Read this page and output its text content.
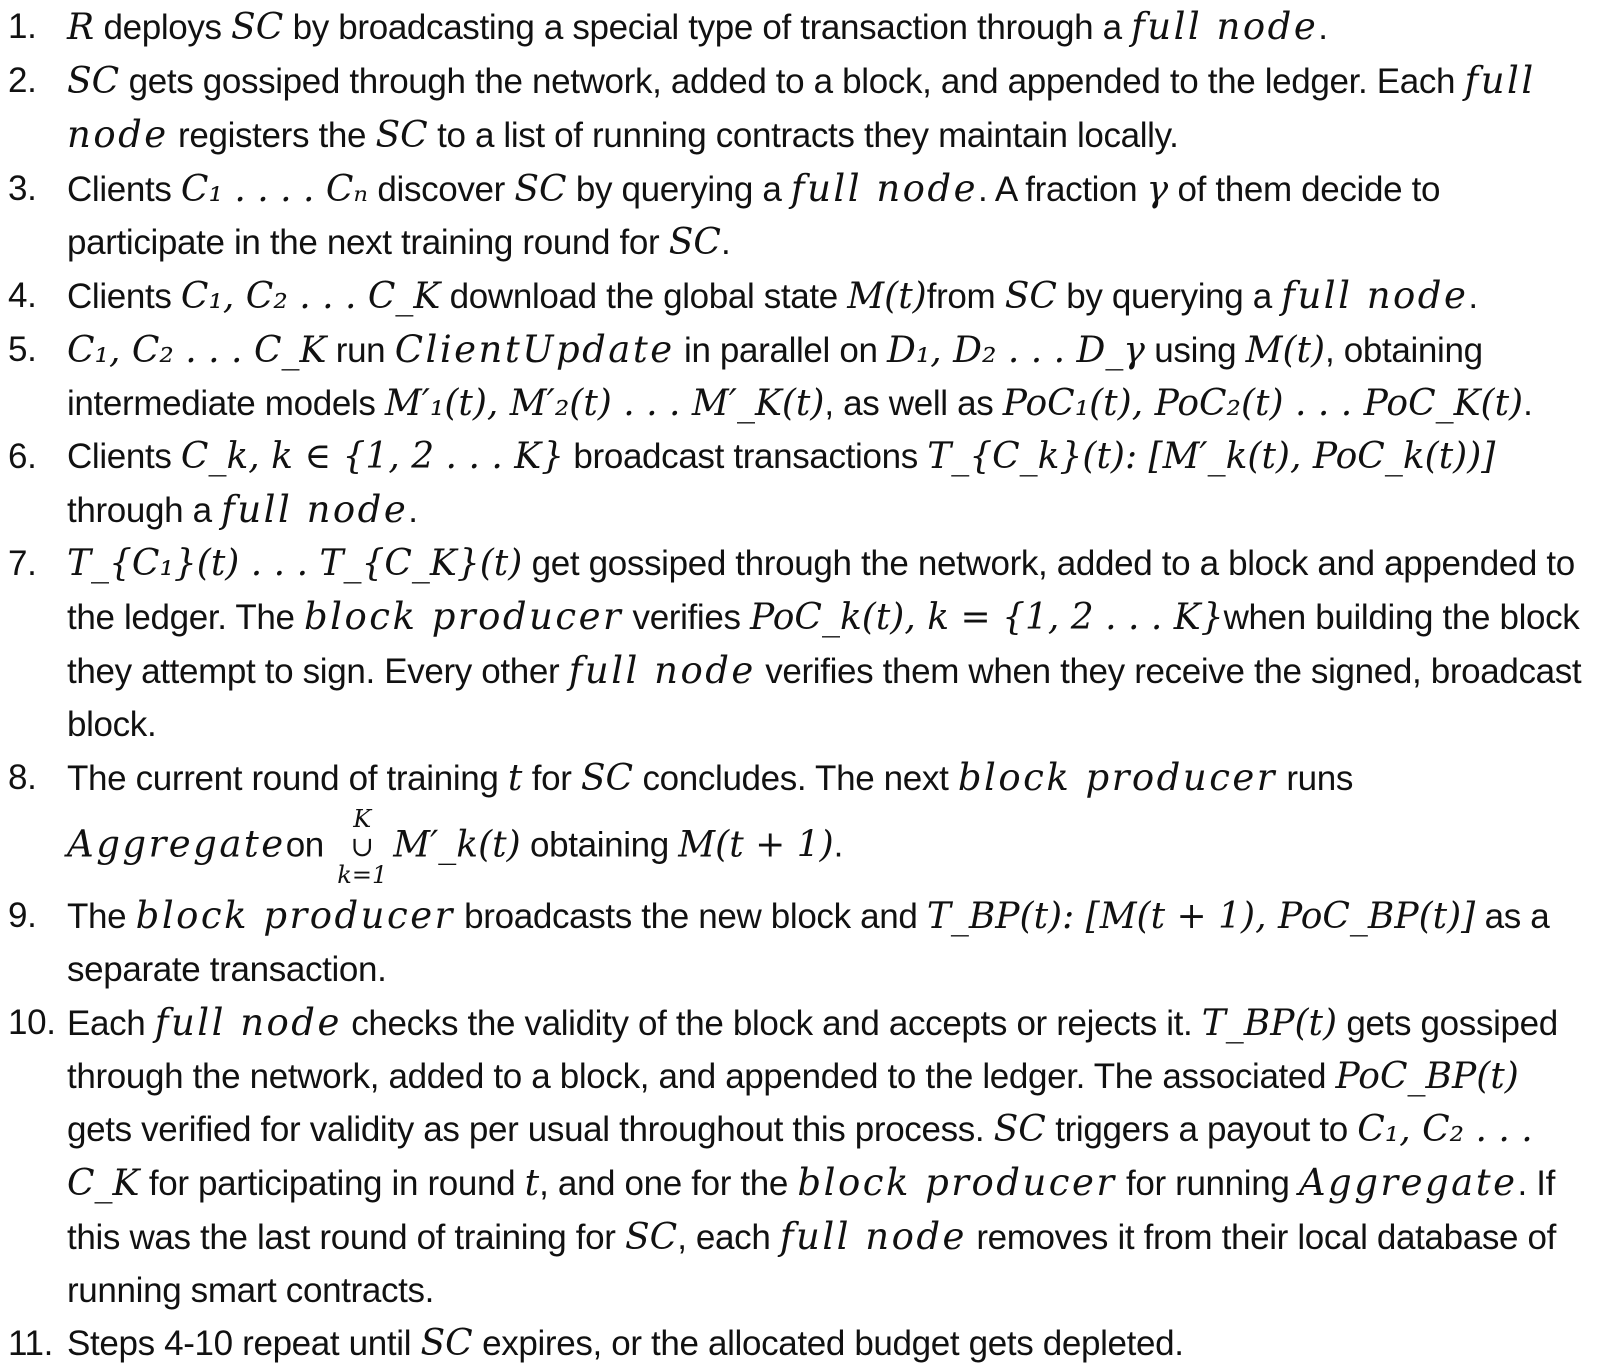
1. R deploys SC by broadcasting a special type of transaction through a full node.
2. SC gets gossiped through the network, added to a block, and appended to the ledger. Each full node registers the SC to a list of running contracts they maintain locally.
3. Clients C₁ . . . . Cₙ discover SC by querying a full node. A fraction γ of them decide to participate in the next training round for SC.
4. Clients C₁, C₂ . . . C_K download the global state M(t)from SC by querying a full node.
5. C₁, C₂ . . . C_K run ClientUpdate in parallel on D₁, D₂ . . . D_γ using M(t), obtaining intermediate models M′₁(t), M′₂(t) . . . M′_K(t), as well as PoC₁(t), PoC₂(t) . . . PoC_K(t).
6. Clients C_k, k ∈ {1, 2 . . . K} broadcast transactions T_{C_k}(t): [M′_k(t), PoC_k(t))] through a full node.
7. T_{C₁}(t) . . . T_{C_K}(t) get gossiped through the network, added to a block and appended to the ledger. The block producer verifies PoC_k(t), k = {1, 2 . . . K}when building the block they attempt to sign. Every other full node verifies them when they receive the signed, broadcast block.
8. The current round of training t for SC concludes. The next block producer runs Aggregateon
K
∪
k=1
M′_k(t) obtaining M(t + 1).
9. The block producer broadcasts the new block and T_BP(t): [M(t + 1), PoC_BP(t)] as a separate transaction.
10. Each full node checks the validity of the block and accepts or rejects it. T_BP(t) gets gossiped through the network, added to a block, and appended to the ledger. The associated PoC_BP(t) gets verified for validity as per usual throughout this process. SC triggers a payout to C₁, C₂ . . . C_K for participating in round t, and one for the block producer for running Aggregate. If this was the last round of training for SC, each full node removes it from their local database of running smart contracts.
11. Steps 4-10 repeat until SC expires, or the allocated budget gets depleted.
